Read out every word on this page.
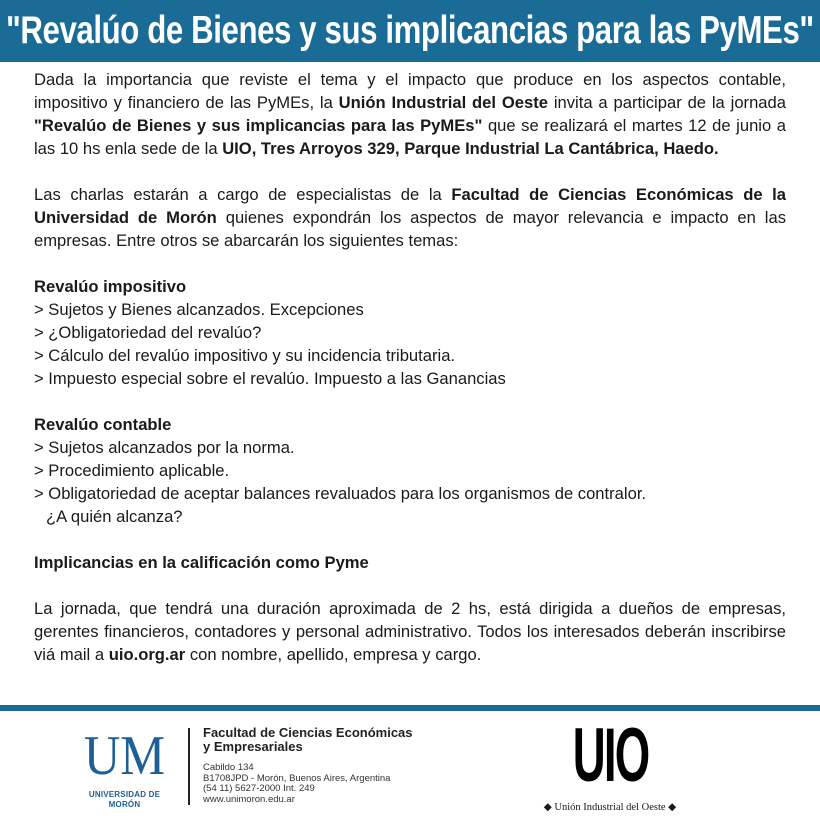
"Revalúo de Bienes y sus implicancias para las PyMEs"
Dada la importancia que reviste el tema y el impacto que produce en los aspectos contable, impositivo y financiero de las PyMEs, la Unión Industrial del Oeste invita a participar de la jornada "Revalúo de Bienes y sus implicancias para las PyMEs" que se realizará el martes 12 de junio a las 10 hs enla sede de la UIO, Tres Arroyos 329, Parque Industrial La Cantábrica, Haedo.
Las charlas estarán a cargo de especialistas de la Facultad de Ciencias Económicas de la Universidad de Morón quienes expondrán los aspectos de mayor relevancia e impacto en las empresas. Entre otros se abarcarán los siguientes temas:
Revalúo impositivo
> Sujetos y Bienes alcanzados. Excepciones
> ¿Obligatoriedad del revalúo?
> Cálculo del revalúo impositivo y su incidencia tributaria.
> Impuesto especial sobre el revalúo. Impuesto a las Ganancias
Revalúo contable
> Sujetos alcanzados por la norma.
> Procedimiento aplicable.
> Obligatoriedad de aceptar balances revaluados para los organismos de contralor.
¿A quién alcanza?
Implicancias en la calificación como Pyme
La jornada, que tendrá una duración aproximada de 2 hs, está dirigida a dueños de empresas, gerentes financieros, contadores y personal administrativo. Todos los interesados deberán inscribirse viá mail a uio.org.ar con nombre, apellido, empresa y cargo.
UM
UNIVERSIDAD DE MORÓN
Facultad de Ciencias Económicas
y Empresariales
Cabildo 134
B1708JPD - Morón, Buenos Aires, Argentina
(54 11) 5627-2000 Int. 249
www.unimoron.edu.ar
UIO
◆ Unión Industrial del Oeste ◆
